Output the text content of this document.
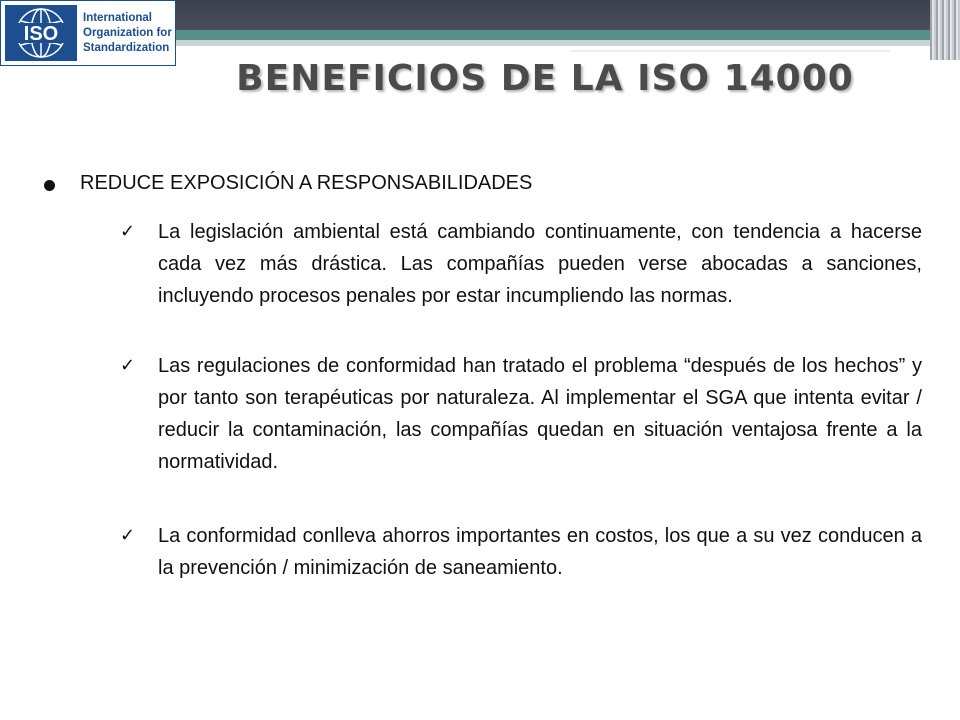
ISO
International
Organization for
Standardization
BENEFICIOS DE LA ISO 14000
REDUCE EXPOSICIÓN A RESPONSABILIDADES
✓ La legislación ambiental está cambiando continuamente, con tendencia a hacerse cada vez más drástica. Las compañías pueden verse abocadas a sanciones, incluyendo procesos penales por estar incumpliendo las normas.
✓ Las regulaciones de conformidad han tratado el problema “después de los hechos” y por tanto son terapéuticas por naturaleza. Al implementar el SGA que intenta evitar / reducir la contaminación, las compañías quedan en situación ventajosa frente a la normatividad.
✓ La conformidad conlleva ahorros importantes en costos, los que a su vez conducen a la prevención / minimización de saneamiento.
